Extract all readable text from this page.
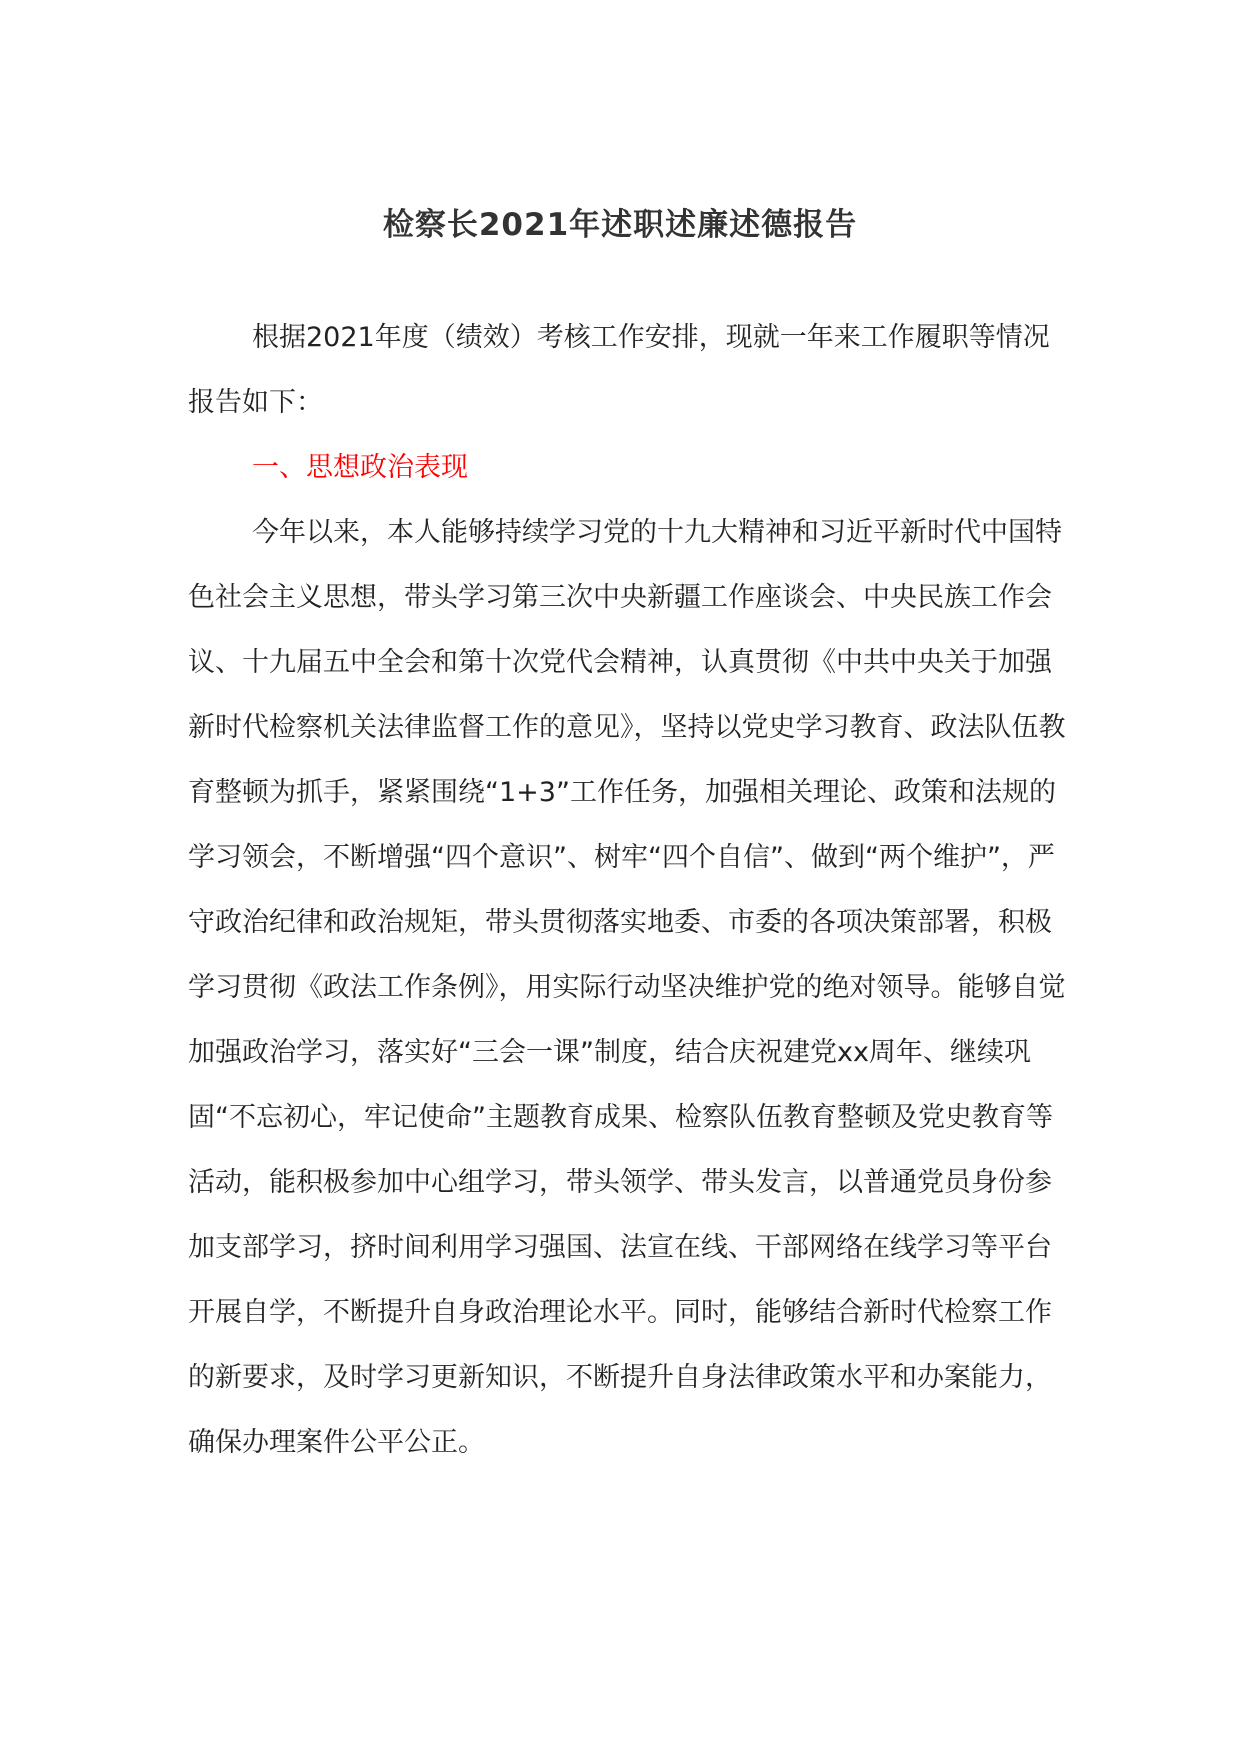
检察长2021年述职述廉述德报告

根据2021年度（绩效）考核工作安排，现就一年来工作履职等情况报告如下：

一、思想政治表现

今年以来，本人能够持续学习党的十九大精神和习近平新时代中国特色社会主义思想，带头学习第三次中央新疆工作座谈会、中央民族工作会议、十九届五中全会和第十次党代会精神，认真贯彻《中共中央关于加强新时代检察机关法律监督工作的意见》，坚持以党史学习教育、政法队伍教育整顿为抓手，紧紧围绕“1+3”工作任务，加强相关理论、政策和法规的学习领会，不断增强“四个意识”、树牢“四个自信”、做到“两个维护”，严守政治纪律和政治规矩，带头贯彻落实地委、市委的各项决策部署，积极学习贯彻《政法工作条例》，用实际行动坚决维护党的绝对领导。能够自觉加强政治学习，落实好“三会一课”制度，结合庆祝建党xx周年、继续巩固“不忘初心，牢记使命”主题教育成果、检察队伍教育整顿及党史教育等活动，能积极参加中心组学习，带头领学、带头发言，以普通党员身份参加支部学习，挤时间利用学习强国、法宣在线、干部网络在线学习等平台开展自学，不断提升自身政治理论水平。同时，能够结合新时代检察工作的新要求，及时学习更新知识，不断提升自身法律政策水平和办案能力，确保办理案件公平公正。
